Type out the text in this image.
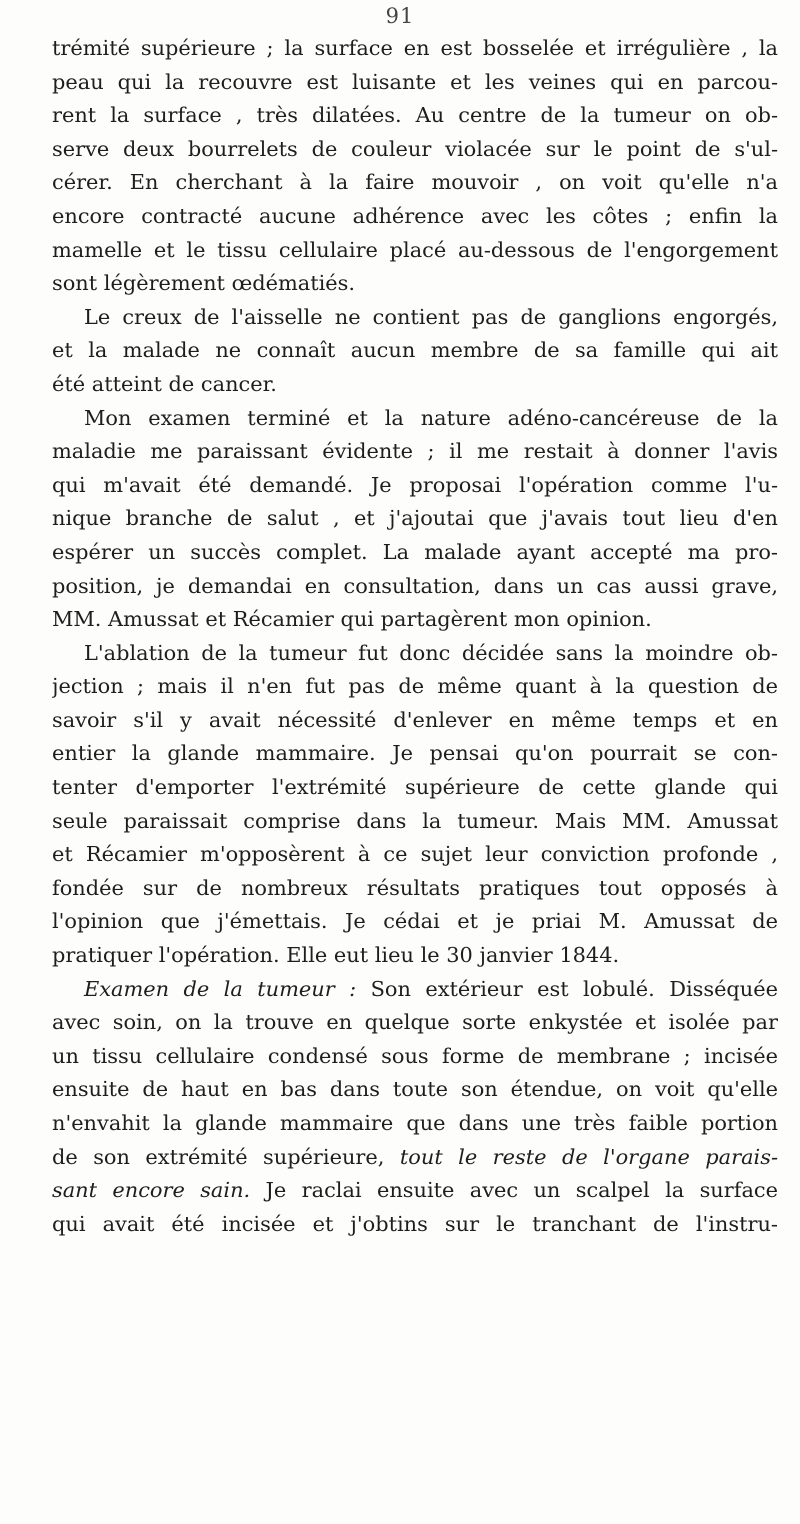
91
trémité supérieure ; la surface en est bosselée et irrégulière , la
peau qui la recouvre est luisante et les veines qui en parcou-
rent la surface , très dilatées. Au centre de la tumeur on ob-
serve deux bourrelets de couleur violacée sur le point de s'ul-
cérer. En cherchant à la faire mouvoir , on voit qu'elle n'a
encore contracté aucune adhérence avec les côtes ; enfin la
mamelle et le tissu cellulaire placé au-dessous de l'engorgement
sont légèrement œdématiés.
Le creux de l'aisselle ne contient pas de ganglions engorgés,
et la malade ne connaît aucun membre de sa famille qui ait
été atteint de cancer.
Mon examen terminé et la nature adéno-cancéreuse de la
maladie me paraissant évidente ; il me restait à donner l'avis
qui m'avait été demandé. Je proposai l'opération comme l'u-
nique branche de salut , et j'ajoutai que j'avais tout lieu d'en
espérer un succès complet. La malade ayant accepté ma pro-
position, je demandai en consultation, dans un cas aussi grave,
MM. Amussat et Récamier qui partagèrent mon opinion.
L'ablation de la tumeur fut donc décidée sans la moindre ob-
jection ; mais il n'en fut pas de même quant à la question de
savoir s'il y avait nécessité d'enlever en même temps et en
entier la glande mammaire. Je pensai qu'on pourrait se con-
tenter d'emporter l'extrémité supérieure de cette glande qui
seule paraissait comprise dans la tumeur. Mais MM. Amussat
et Récamier m'opposèrent à ce sujet leur conviction profonde ,
fondée sur de nombreux résultats pratiques tout opposés à
l'opinion que j'émettais. Je cédai et je priai M. Amussat de
pratiquer l'opération. Elle eut lieu le 30 janvier 1844.
Examen de la tumeur : Son extérieur est lobulé. Disséquée
avec soin, on la trouve en quelque sorte enkystée et isolée par
un tissu cellulaire condensé sous forme de membrane ; incisée
ensuite de haut en bas dans toute son étendue, on voit qu'elle
n'envahit la glande mammaire que dans une très faible portion
de son extrémité supérieure, tout le reste de l'organe parais-
sant encore sain. Je raclai ensuite avec un scalpel la surface
qui avait été incisée et j'obtins sur le tranchant de l'instru-
